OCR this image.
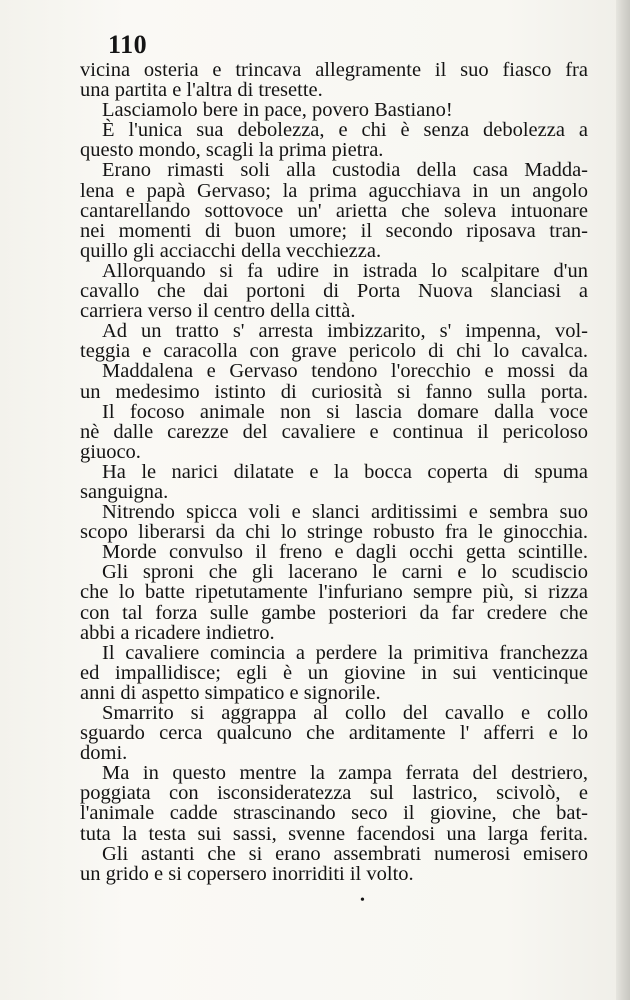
110
vicina osteria e trincava allegramente il suo fiasco fra
una partita e l'altra di tresette.
Lasciamolo bere in pace, povero Bastiano!
È l'unica sua debolezza, e chi è senza debolezza a
questo mondo, scagli la prima pietra.
Erano rimasti soli alla custodia della casa Madda-
lena e papà Gervaso; la prima agucchiava in un angolo
cantarellando sottovoce un' arietta che soleva intuonare
nei momenti di buon umore; il secondo riposava tran-
quillo gli acciacchi della vecchiezza.
Allorquando si fa udire in istrada lo scalpitare d'un
cavallo che dai portoni di Porta Nuova slanciasi a
carriera verso il centro della città.
Ad un tratto s' arresta imbizzarito, s' impenna, vol-
teggia e caracolla con grave pericolo di chi lo cavalca.
Maddalena e Gervaso tendono l'orecchio e mossi da
un medesimo istinto di curiosità si fanno sulla porta.
Il focoso animale non si lascia domare dalla voce
nè dalle carezze del cavaliere e continua il pericoloso
giuoco.
Ha le narici dilatate e la bocca coperta di spuma
sanguigna.
Nitrendo spicca voli e slanci arditissimi e sembra suo
scopo liberarsi da chi lo stringe robusto fra le ginocchia.
Morde convulso il freno e dagli occhi getta scintille.
Gli sproni che gli lacerano le carni e lo scudiscio
che lo batte ripetutamente l'infuriano sempre più, si rizza
con tal forza sulle gambe posteriori da far credere che
abbi a ricadere indietro.
Il cavaliere comincia a perdere la primitiva franchezza
ed impallidisce; egli è un giovine in sui venticinque
anni di aspetto simpatico e signorile.
Smarrito si aggrappa al collo del cavallo e collo
sguardo cerca qualcuno che arditamente l' afferri e lo
domi.
Ma in questo mentre la zampa ferrata del destriero,
poggiata con isconsideratezza sul lastrico, scivolò, e
l'animale cadde strascinando seco il giovine, che bat-
tuta la testa sui sassi, svenne facendosi una larga ferita.
Gli astanti che si erano assembrati numerosi emisero
un grido e si copersero inorriditi il volto.
•
